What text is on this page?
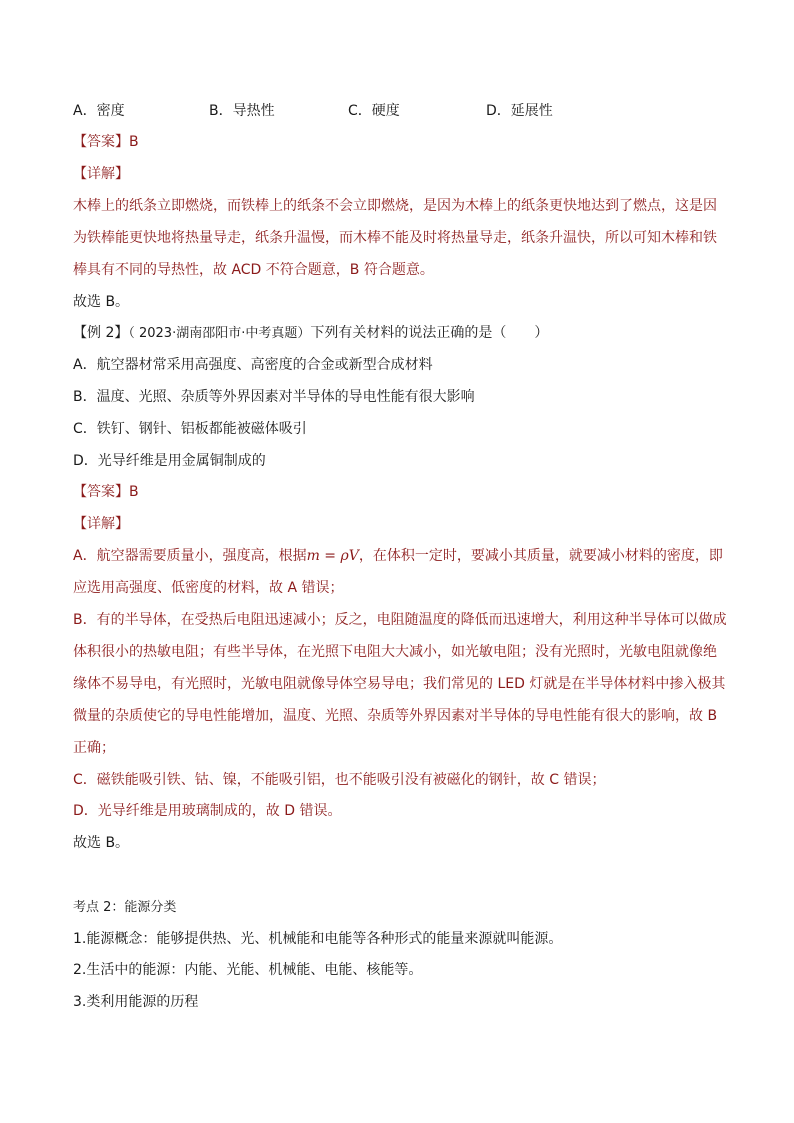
A．密度	B．导热性	C．硬度	D．延展性
【答案】B
【详解】
木棒上的纸条立即燃烧，而铁棒上的纸条不会立即燃烧，是因为木棒上的纸条更快地达到了燃点，这是因
为铁棒能更快地将热量导走，纸条升温慢，而木棒不能及时将热量导走，纸条升温快，所以可知木棒和铁
棒具有不同的导热性，故 ACD 不符合题意，B 符合题意。
故选 B。
【例 2】（ 2023·湖南邵阳市·中考真题）下列有关材料的说法正确的是（　　）
A．航空器材常采用高强度、高密度的合金或新型合成材料
B．温度、光照、杂质等外界因素对半导体的导电性能有很大影响
C．铁钉、钢针、铝板都能被磁体吸引
D．光导纤维是用金属铜制成的
【答案】B
【详解】
A．航空器需要质量小，强度高，根据m = ρV，在体积一定时，要减小其质量，就要减小材料的密度，即
应选用高强度、低密度的材料，故 A 错误；
B．有的半导体，在受热后电阻迅速减小；反之，电阻随温度的降低而迅速增大，利用这种半导体可以做成
体积很小的热敏电阻；有些半导体，在光照下电阻大大减小，如光敏电阻；没有光照时，光敏电阻就像绝
缘体不易导电，有光照时，光敏电阻就像导体空易导电；我们常见的 LED 灯就是在半导体材料中掺入极其
微量的杂质使它的导电性能增加，温度、光照、杂质等外界因素对半导体的导电性能有很大的影响，故 B
正确；
C．磁铁能吸引铁、钴、镍，不能吸引铝，也不能吸引没有被磁化的钢针，故 C 错误；
D．光导纤维是用玻璃制成的，故 D 错误。
故选 B。
考点 2：能源分类
1.能源概念：能够提供热、光、机械能和电能等各种形式的能量来源就叫能源。
2.生活中的能源：内能、光能、机械能、电能、核能等。
3.类利用能源的历程
